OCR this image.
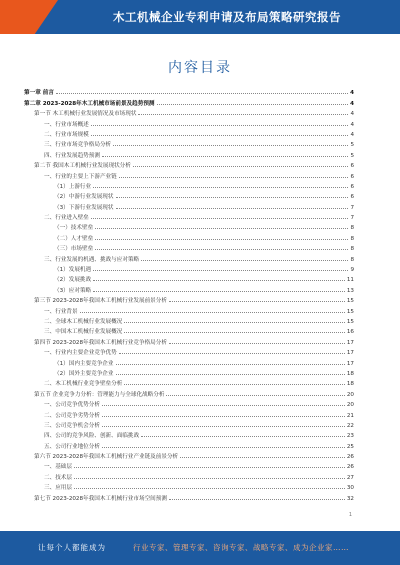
木工机械企业专利申请及布局策略研究报告
内容目录
第一章 前言	4
第二章 2023-2028年木工机械市场前景及趋势预测	4
第一节 木工机械行业发展情况及市场现状	4
一、行业市场概述	4
二、行业市场规模	4
三、行业市场竞争格局分析	5
四、行业发展趋势预测	5
第二节 我国木工机械行业发展现状分析	6
一、行业的主要上下游产业链	6
（1）上游行业	6
（2）中游行业发展现状	6
（3）下游行业发展现状	7
二、行业进入壁垒	7
（一）技术壁垒	8
（二）人才壁垒	8
（三）市场壁垒	8
三、行业发展的机遇、挑战与应对策略	8
（1）发展机遇	9
（2）发展挑战	11
（3）应对策略	13
第三节 2023-2028年我国木工机械行业发展前景分析	15
一、行业背景	15
二、全球木工机械行业发展概况	15
三、中国木工机械行业发展概况	16
第四节 2023-2028年我国木工机械行业竞争格局分析	17
一、行业内主要企业竞争优势	17
（1）国内主要竞争企业	17
（2）国外主要竞争企业	18
二、木工机械行业竞争壁垒分析	18
第五节 企业竞争力分析：管理能力与全球化战略分析	20
一、公司竞争优势分析	20
二、公司竞争劣势分析	21
三、公司竞争机会分析	22
四、公司的竞争风险、创新、面临挑战	23
五、公司行业地位分析	25
第六节 2023-2028年我国木工机械行业产业链及前景分析	26
一、基础层	26
二、技术层	27
三、应用层	30
第七节 2023-2028年我国木工机械行业市场空间预测	32
1
让每个人都能成为	行业专家、管理专家、咨询专家、战略专家、成为企业家……
